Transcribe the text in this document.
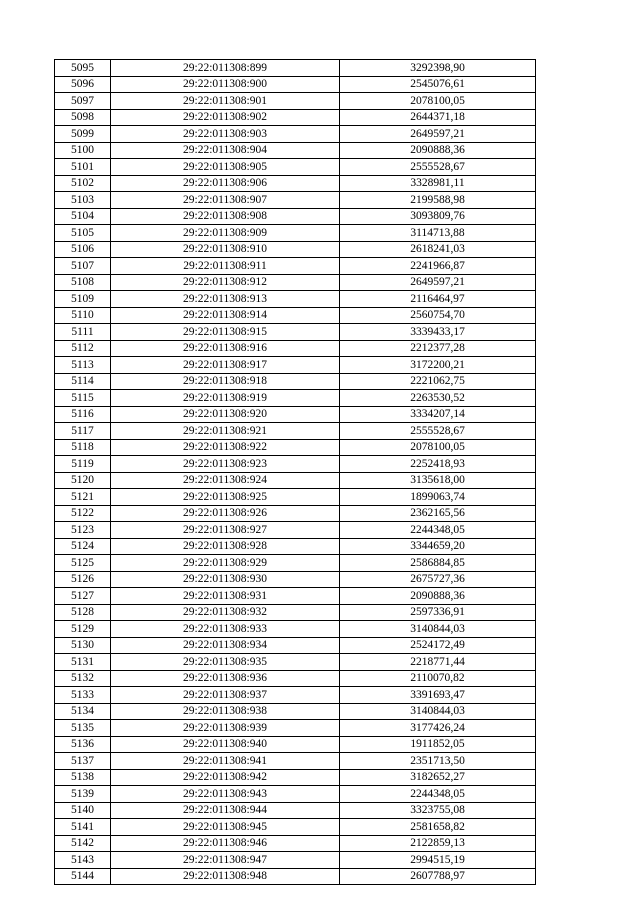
5095	29:22:011308:899	3292398,90
5096	29:22:011308:900	2545076,61
5097	29:22:011308:901	2078100,05
5098	29:22:011308:902	2644371,18
5099	29:22:011308:903	2649597,21
5100	29:22:011308:904	2090888,36
5101	29:22:011308:905	2555528,67
5102	29:22:011308:906	3328981,11
5103	29:22:011308:907	2199588,98
5104	29:22:011308:908	3093809,76
5105	29:22:011308:909	3114713,88
5106	29:22:011308:910	2618241,03
5107	29:22:011308:911	2241966,87
5108	29:22:011308:912	2649597,21
5109	29:22:011308:913	2116464,97
5110	29:22:011308:914	2560754,70
5111	29:22:011308:915	3339433,17
5112	29:22:011308:916	2212377,28
5113	29:22:011308:917	3172200,21
5114	29:22:011308:918	2221062,75
5115	29:22:011308:919	2263530,52
5116	29:22:011308:920	3334207,14
5117	29:22:011308:921	2555528,67
5118	29:22:011308:922	2078100,05
5119	29:22:011308:923	2252418,93
5120	29:22:011308:924	3135618,00
5121	29:22:011308:925	1899063,74
5122	29:22:011308:926	2362165,56
5123	29:22:011308:927	2244348,05
5124	29:22:011308:928	3344659,20
5125	29:22:011308:929	2586884,85
5126	29:22:011308:930	2675727,36
5127	29:22:011308:931	2090888,36
5128	29:22:011308:932	2597336,91
5129	29:22:011308:933	3140844,03
5130	29:22:011308:934	2524172,49
5131	29:22:011308:935	2218771,44
5132	29:22:011308:936	2110070,82
5133	29:22:011308:937	3391693,47
5134	29:22:011308:938	3140844,03
5135	29:22:011308:939	3177426,24
5136	29:22:011308:940	1911852,05
5137	29:22:011308:941	2351713,50
5138	29:22:011308:942	3182652,27
5139	29:22:011308:943	2244348,05
5140	29:22:011308:944	3323755,08
5141	29:22:011308:945	2581658,82
5142	29:22:011308:946	2122859,13
5143	29:22:011308:947	2994515,19
5144	29:22:011308:948	2607788,97
